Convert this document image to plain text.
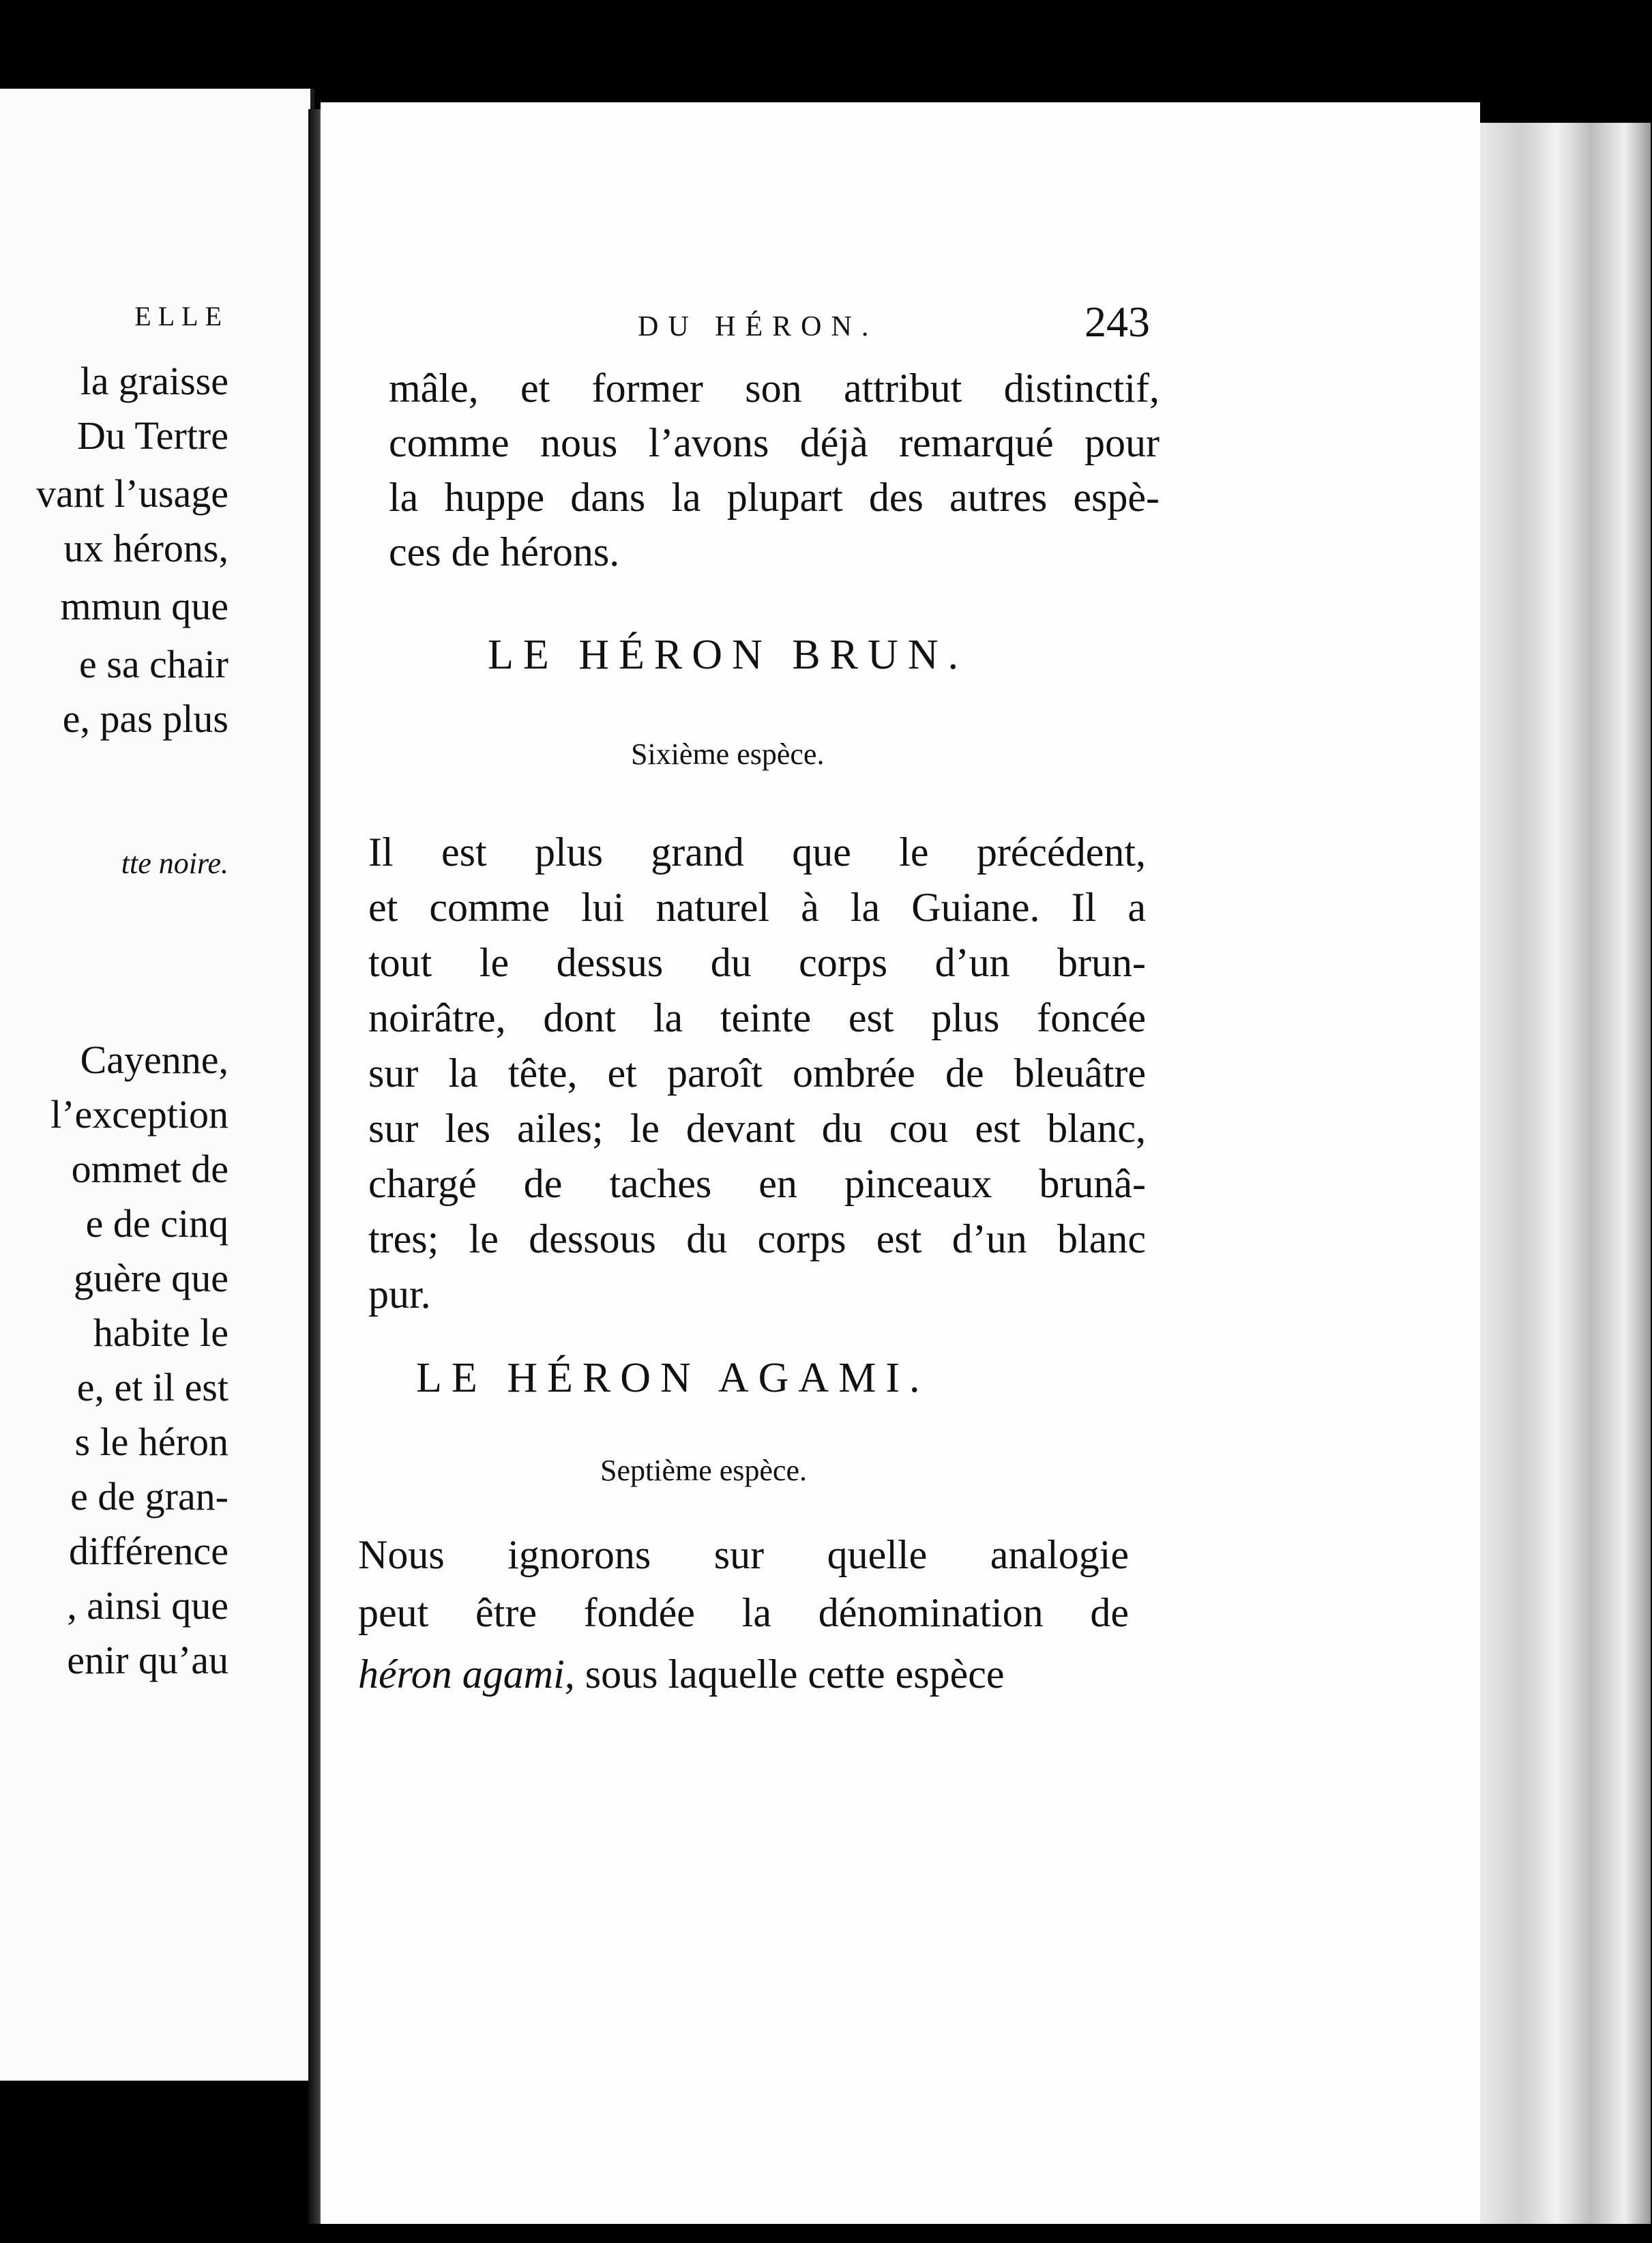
ELLE
la graisse
Du Tertre
vant l’usage
ux hérons,
mmun que
e sa chair
e, pas plus
tte noire.
Cayenne,
l’exception
ommet de
e de cinq
guère que
habite le
e, et il est
s le héron
e de gran-
différence
, ainsi que
enir qu’au
DU HÉRON.	243
mâle, et former son attribut distinctif,
comme nous l’avons déjà remarqué pour
la huppe dans la plupart des autres espè-
ces de hérons.
LE HÉRON BRUN.
Sixième espèce.
Il est plus grand que le précédent,
et comme lui naturel à la Guiane. Il a
tout le dessus du corps d’un brun-
noirâtre, dont la teinte est plus foncée
sur la tête, et paroît ombrée de bleuâtre
sur les ailes; le devant du cou est blanc,
chargé de taches en pinceaux brunâ-
tres; le dessous du corps est d’un blanc
pur.
LE HÉRON AGAMI.
Septième espèce.
Nous ignorons sur quelle analogie
peut être fondée la dénomination de
héron agami, sous laquelle cette espèce
